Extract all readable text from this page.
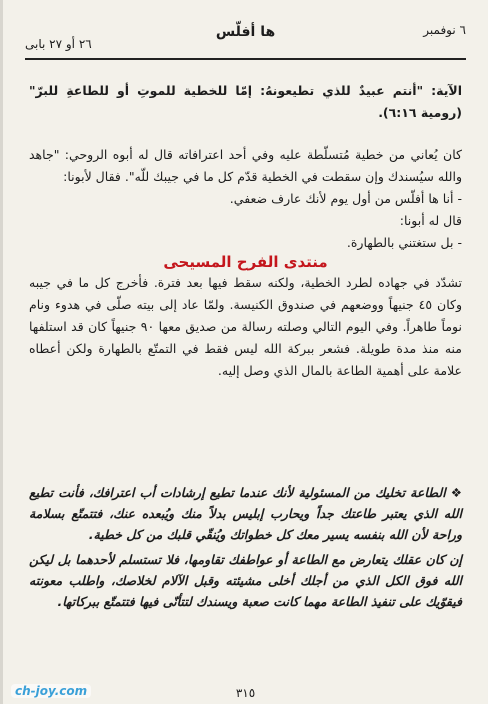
٦ نوفمبر
ها أفلّس
٢٦ أو ٢٧ بابى

الآية: "أنتم عبيدٌ للذي تطيعونهُ: إمّا للخطية للموتِ أو للطاعةِ للبرّ" (رومية ٦:١٦).

كان يُعاني من خطية مُتسلّطة عليه وفي أحد اعترافاته قال له أبوه الروحي: "جاهد والله سيُسندك وإن سقطت في الخطية قدّم كل ما في جيبك للّه". فقال لأبونا:

- أنا ها أفلّس من أول يوم لأنك عارف ضعفي.

قال له أبونا:

- بل ستغتني بالطهارة.

منتدى الفرح المسيحى

تشدّد في جهاده لطرد الخطية، ولكنه سقط فيها بعد فترة. فأخرج كل ما في جيبه وكان ٤٥ جنيهاً ووضعهم في صندوق الكنيسة. ولمّا عاد إلى بيته صلّى في هدوء ونام نوماً طاهراً. وفي اليوم التالي وصلته رسالة من صديق معها ٩٠ جنيهاً كان قد استلفها منه منذ مدة طويلة. فشعر ببركة الله ليس فقط في التمتّع بالطهارة ولكن أعطاه علامة على أهمية الطاعة بالمال الذي وصل إليه.

❖ الطاعة تخليك من المسئولية لأنك عندما تطيع إرشادات أب اعترافك، فأنت تطيع الله الذي يعتبر طاعتك جداً ويحارب إبليس بدلاً منك ويُبعده عنك، فتتمتّع بسلامة وراحة لأن الله بنفسه يسير معك كل خطواتك ويُنقّي قلبك من كل خطية.

إن كان عقلك يتعارض مع الطاعة أو عواطفك تقاومها، فلا تستسلم لأحدهما بل ليكن الله فوق الكل الذي من أجلك أخلى مشيئته وقبل الآلام لخلاصك، واطلب معونته فيقوّيك على تنفيذ الطاعة مهما كانت صعبة ويسندك لتتأنّى فيها فتتمتّع ببركاتها.

٣١٥
ch-joy.com
